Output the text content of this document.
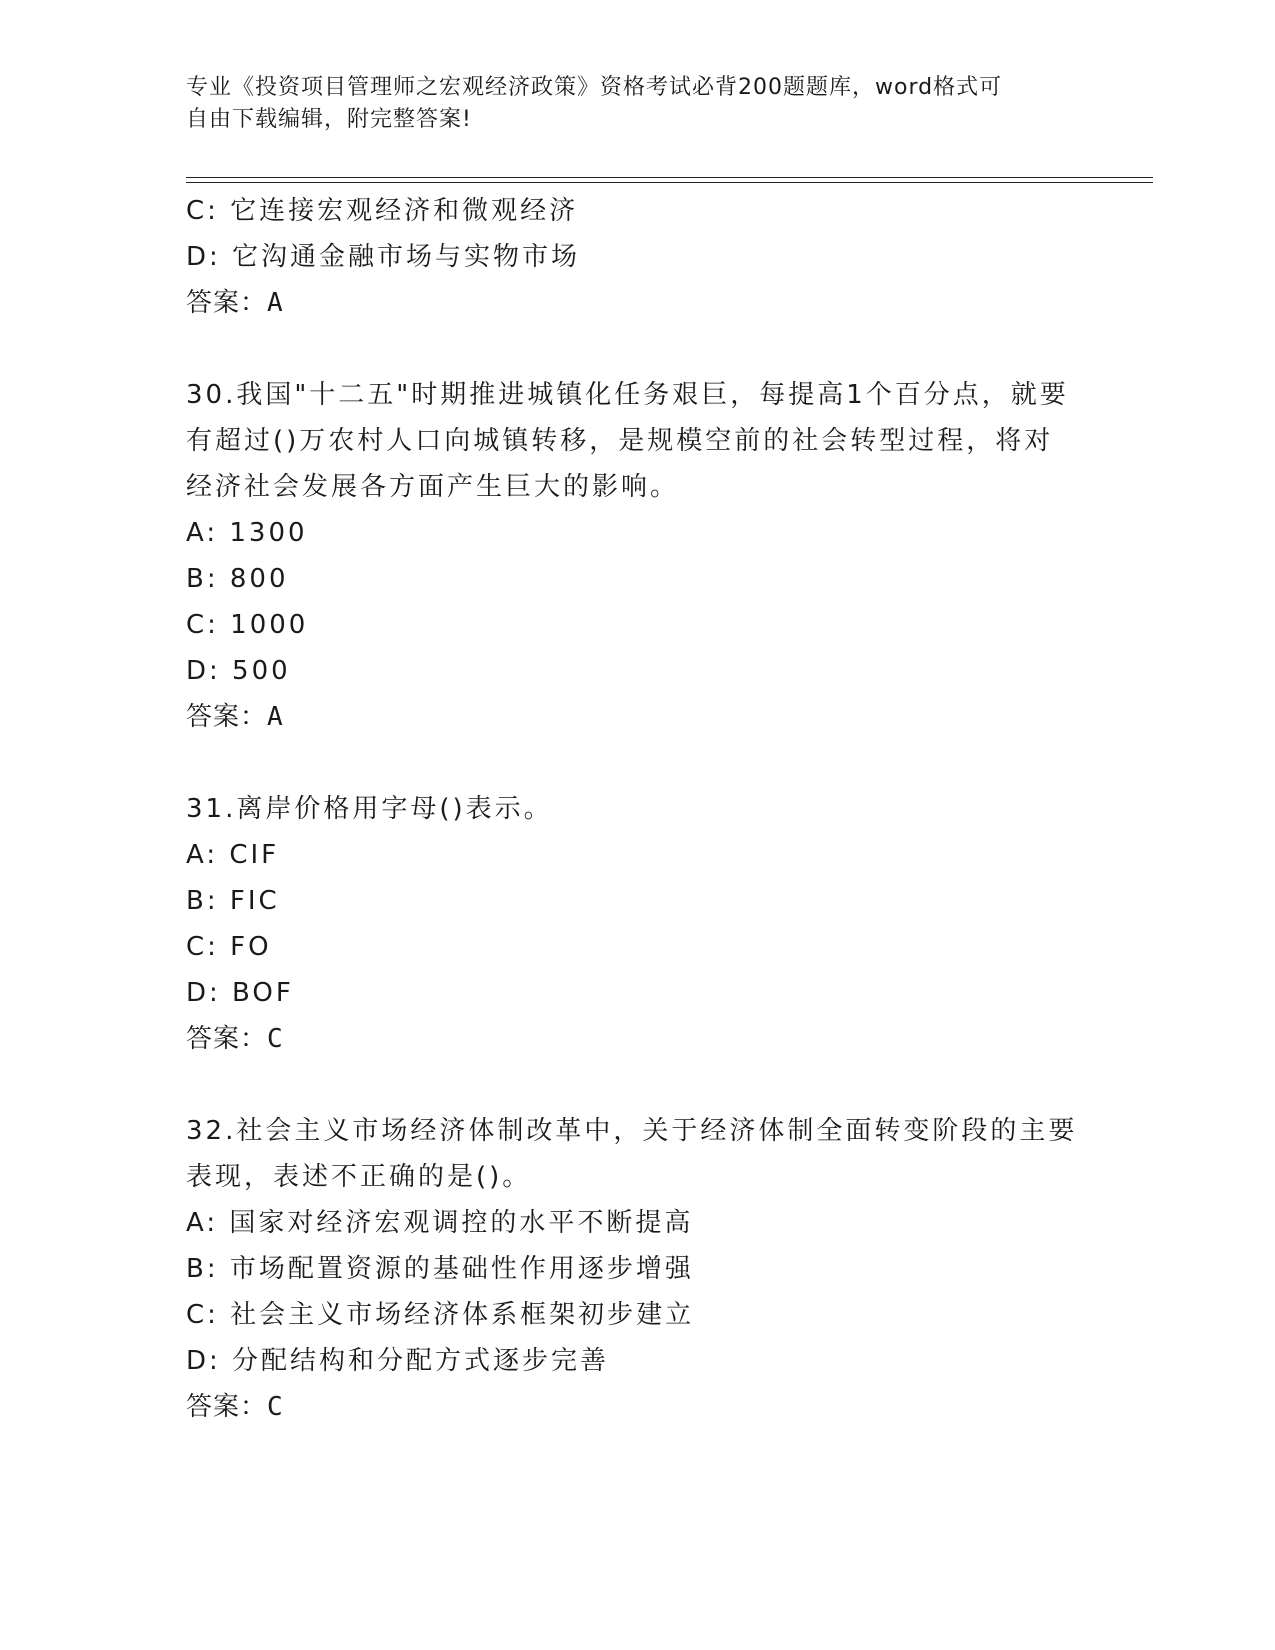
专业《投资项目管理师之宏观经济政策》资格考试必背200题题库，word格式可
自由下载编辑，附完整答案!
C: 它连接宏观经济和微观经济
D: 它沟通金融市场与实物市场
答案：A
30.我国"十二五"时期推进城镇化任务艰巨，每提高1个百分点，就要
有超过()万农村人口向城镇转移，是规模空前的社会转型过程，将对
经济社会发展各方面产生巨大的影响。
A: 1300
B: 800
C: 1000
D: 500
答案：A
31.离岸价格用字母()表示。
A: CIF
B: FIC
C: FO
D: BOF
答案：C
32.社会主义市场经济体制改革中，关于经济体制全面转变阶段的主要
表现，表述不正确的是()。
A: 国家对经济宏观调控的水平不断提高
B: 市场配置资源的基础性作用逐步增强
C: 社会主义市场经济体系框架初步建立
D: 分配结构和分配方式逐步完善
答案：C
